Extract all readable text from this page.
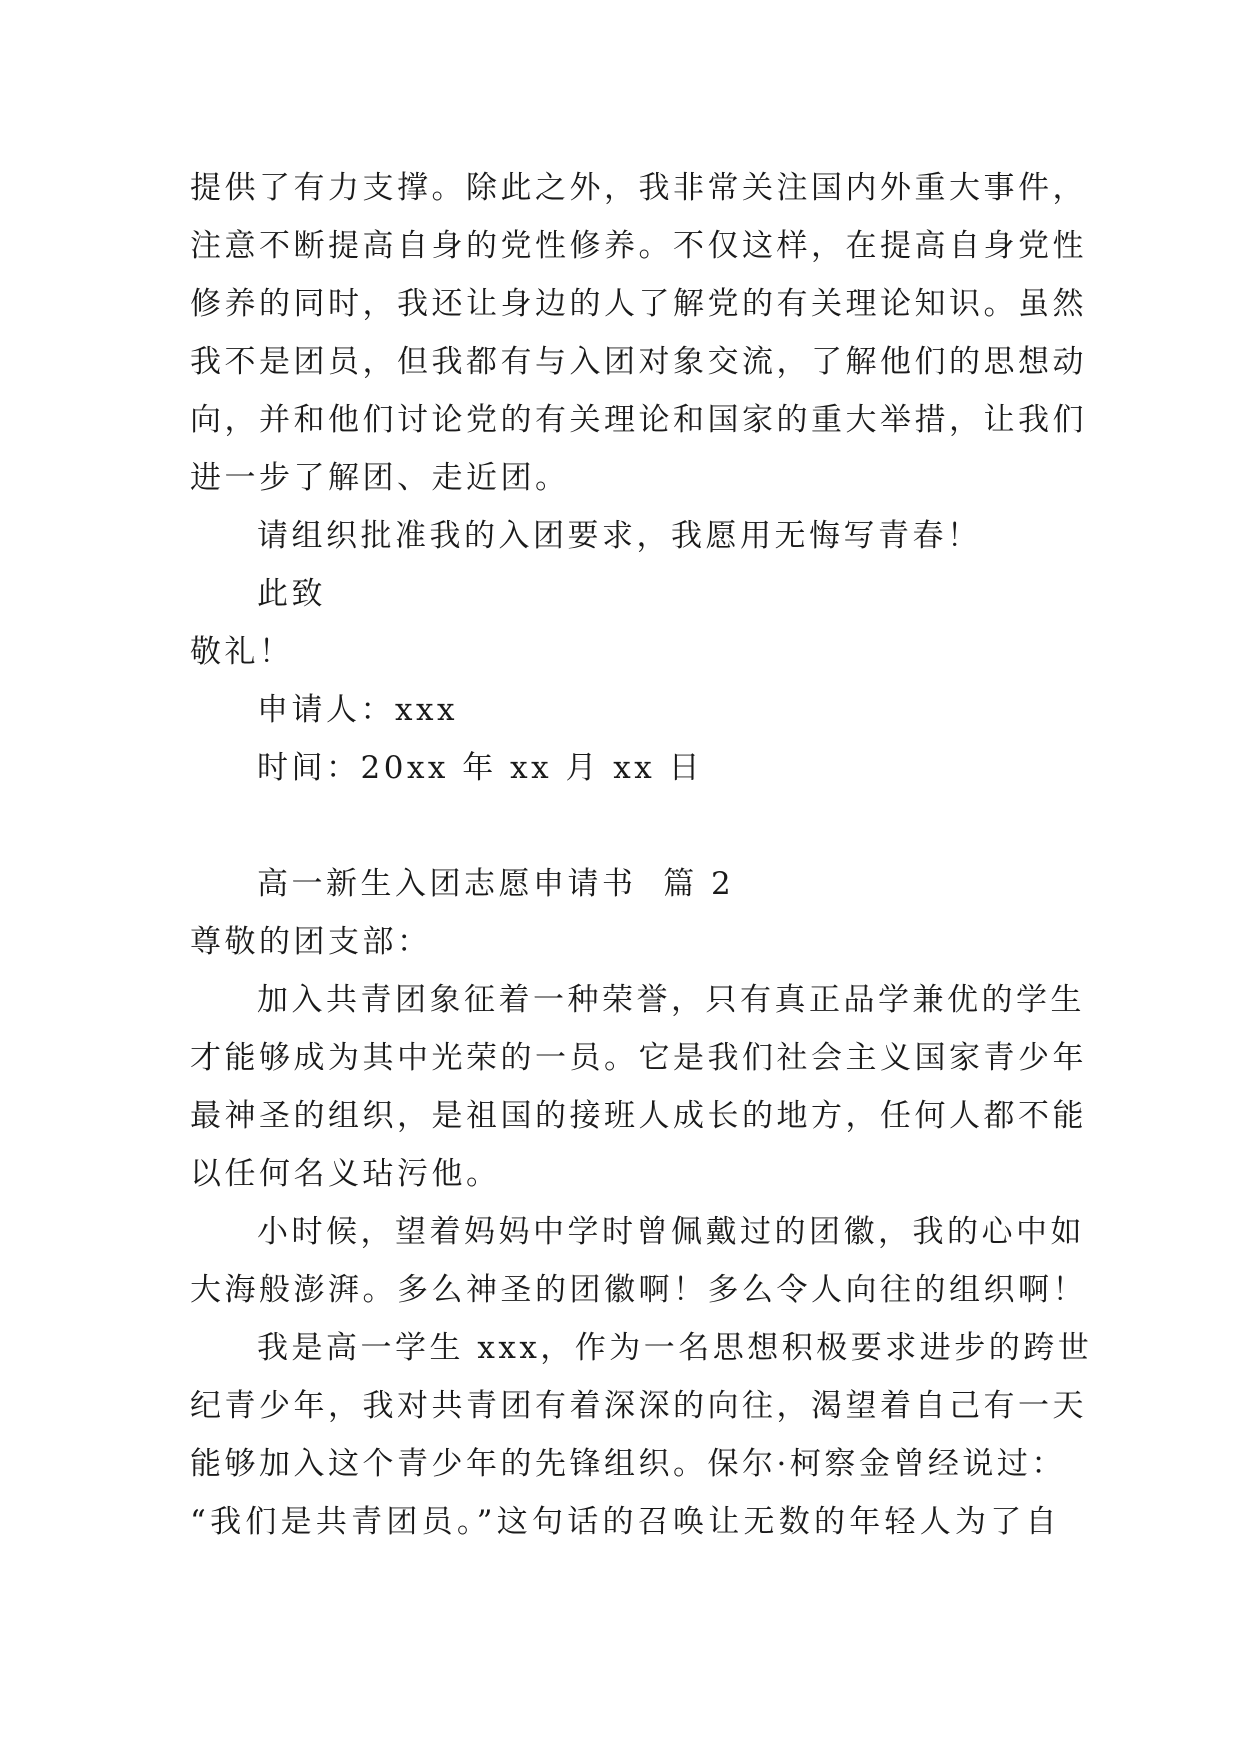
提供了有力支撑。除此之外，我非常关注国内外重大事件，
注意不断提高自身的党性修养。不仅这样，在提高自身党性
修养的同时，我还让身边的人了解党的有关理论知识。虽然
我不是团员，但我都有与入团对象交流，了解他们的思想动
向，并和他们讨论党的有关理论和国家的重大举措，让我们
进一步了解团、走近团。
请组织批准我的入团要求，我愿用无悔写青春！
此致
敬礼！
申请人：xxx
时间：20xx 年 xx 月 xx 日
高一新生入团志愿申请书  篇 2
尊敬的团支部：
加入共青团象征着一种荣誉，只有真正品学兼优的学生
才能够成为其中光荣的一员。它是我们社会主义国家青少年
最神圣的组织，是祖国的接班人成长的地方，任何人都不能
以任何名义玷污他。
小时候，望着妈妈中学时曾佩戴过的团徽，我的心中如
大海般澎湃。多么神圣的团徽啊！多么令人向往的组织啊！
我是高一学生 xxx，作为一名思想积极要求进步的跨世
纪青少年，我对共青团有着深深的向往，渴望着自己有一天
能够加入这个青少年的先锋组织。保尔·柯察金曾经说过：
“我们是共青团员。”这句话的召唤让无数的年轻人为了自
